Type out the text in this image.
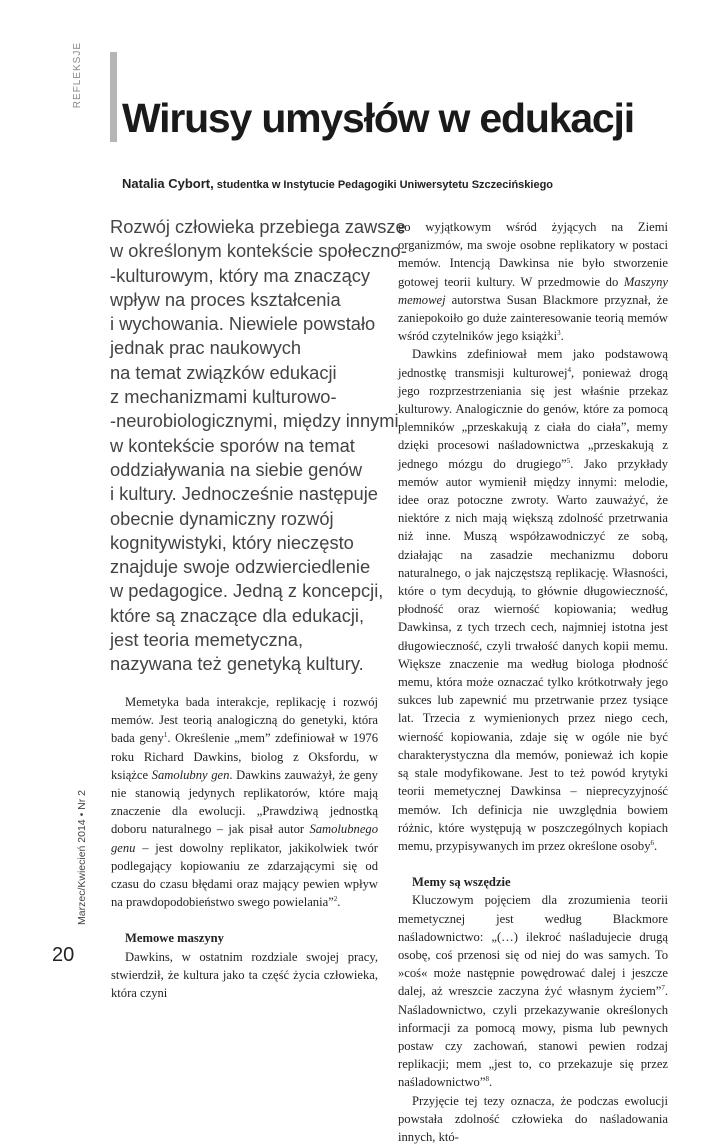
REFLEKSJE
Marzec/Kwiecień 2014 • Nr 2
20
Wirusy umysłów w edukacji
Natalia Cybort, studentka w Instytucie Pedagogiki Uniwersytetu Szczecińskiego
Rozwój człowieka przebiega zawsze
w określonym kontekście społeczno-
-kulturowym, który ma znaczący
wpływ na proces kształcenia
i wychowania. Niewiele powstało
jednak prac naukowych
na temat związków edukacji
z mechanizmami kulturowo-
-neurobiologicznymi, między innymi
w kontekście sporów na temat
oddziaływania na siebie genów
i kultury. Jednocześnie następuje
obecnie dynamiczny rozwój
kognitywistyki, który nieczęsto
znajduje swoje odzwierciedlenie
w pedagogice. Jedną z koncepcji,
które są znaczące dla edukacji,
jest teoria memetyczna,
nazywana też genetyką kultury.

Memetyka bada interakcje, replikację i rozwój memów. Jest teorią analogiczną do genetyki, która bada geny$^1$. Określenie „mem” zdefiniował w 1976 roku Richard Dawkins, biolog z Oksfordu, w książce Samolubny gen. Dawkins zauważył, że geny nie stanowią jedynych replikatorów, które mają znaczenie dla ewolucji. „Prawdziwą jednostką doboru naturalnego – jak pisał autor Samolubnego genu – jest dowolny replikator, jakikolwiek twór podlegający kopiowaniu ze zdarzającymi się od czasu do czasu błędami oraz mający pewien wpływ na prawdopodobieństwo swego powielania”$^2$.

Memowe maszyny

Dawkins, w ostatnim rozdziale swojej pracy, stwierdził, że kultura jako ta część życia człowieka, która czyni

go wyjątkowym wśród żyjących na Ziemi organizmów, ma swoje osobne replikatory w postaci memów. Intencją Dawkinsa nie było stworzenie gotowej teorii kultury. W przedmowie do Maszyny memowej autorstwa Susan Blackmore przyznał, że zaniepokoiło go duże zainteresowanie teorią memów wśród czytelników jego książki$^3$.

Dawkins zdefiniował mem jako podstawową jednostkę transmisji kulturowej$^4$, ponieważ drogą jego rozprzestrzeniania się jest właśnie przekaz kulturowy. Analogicznie do genów, które za pomocą plemników „przeskakują z ciała do ciała”, memy dzięki procesowi naśladownictwa „przeskakują z jednego mózgu do drugiego”$^5$. Jako przykłady memów autor wymienił między innymi: melodie, idee oraz potoczne zwroty. Warto zauważyć, że niektóre z nich mają większą zdolność przetrwania niż inne. Muszą współzawodniczyć ze sobą, działając na zasadzie mechanizmu doboru naturalnego, o jak najczęstszą replikację. Własności, które o tym decydują, to głównie długowieczność, płodność oraz wierność kopiowania; według Dawkinsa, z tych trzech cech, najmniej istotna jest długowieczność, czyli trwałość danych kopii memu. Większe znaczenie ma według biologa płodność memu, która może oznaczać tylko krótkotrwały jego sukces lub zapewnić mu przetrwanie przez tysiące lat. Trzecia z wymienionych przez niego cech, wierność kopiowania, zdaje się w ogóle nie być charakterystyczna dla memów, ponieważ ich kopie są stale modyfikowane. Jest to też powód krytyki teorii memetycznej Dawkinsa – nieprecyzyjność memów. Ich definicja nie uwzględnia bowiem różnic, które występują w poszczególnych kopiach memu, przypisywanych im przez określone osoby$^6$.

Memy są wszędzie

Kluczowym pojęciem dla zrozumienia teorii memetycznej jest według Blackmore naśladownictwo: „(…) ilekroć naśladujecie drugą osobę, coś przenosi się od niej do was samych. To »coś« może następnie powędrować dalej i jeszcze dalej, aż wreszcie zaczyna żyć własnym życiem”$^7$. Naśladownictwo, czyli przekazywanie określonych informacji za pomocą mowy, pisma lub pewnych postaw czy zachowań, stanowi pewien rodzaj replikacji; mem „jest to, co przekazuje się przez naśladownictwo”$^8$.

Przyjęcie tej tezy oznacza, że podczas ewolucji powstała zdolność człowieka do naśladowania innych, któ-
